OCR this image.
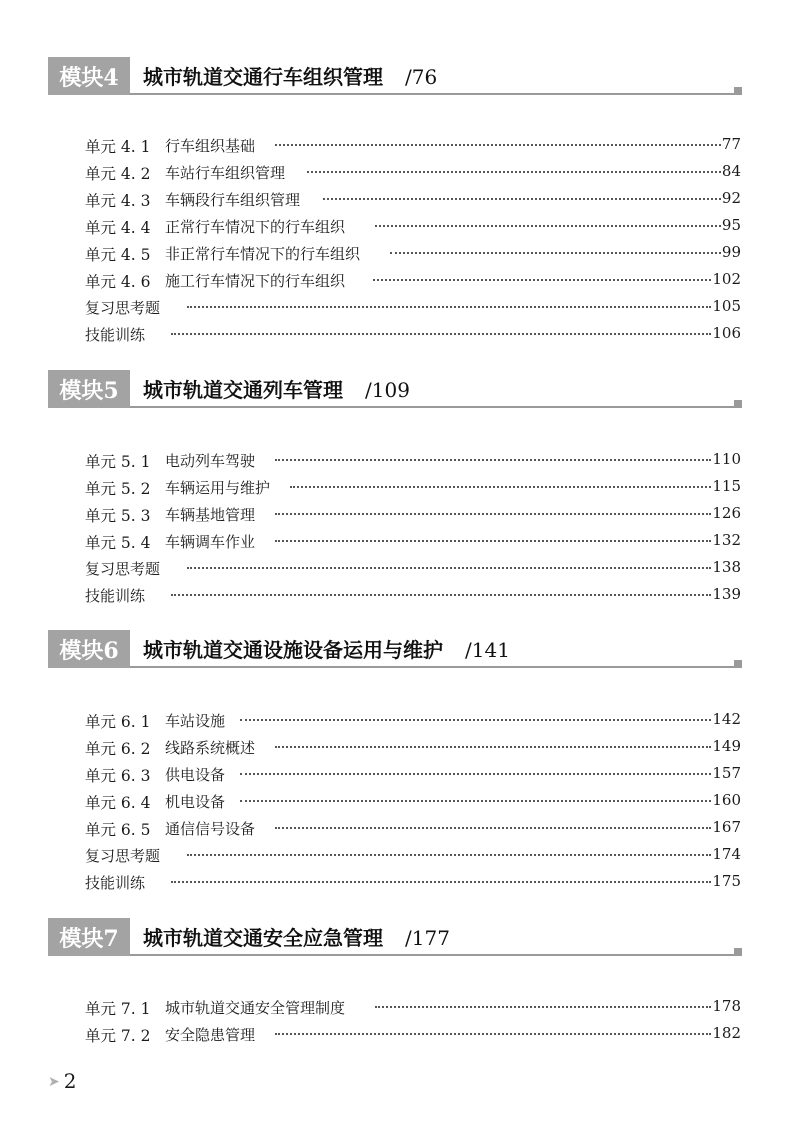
模块4	城市轨道交通行车组织管理 /76
单元 4. 1 行车组织基础	77
单元 4. 2 车站行车组织管理	84
单元 4. 3 车辆段行车组织管理	92
单元 4. 4 正常行车情况下的行车组织	95
单元 4. 5 非正常行车情况下的行车组织	99
单元 4. 6 施工行车情况下的行车组织	102
复习思考题	105
技能训练	106
模块5	城市轨道交通列车管理 /109
单元 5. 1 电动列车驾驶	110
单元 5. 2 车辆运用与维护	115
单元 5. 3 车辆基地管理	126
单元 5. 4 车辆调车作业	132
复习思考题	138
技能训练	139
模块6	城市轨道交通设施设备运用与维护 /141
单元 6. 1 车站设施	142
单元 6. 2 线路系统概述	149
单元 6. 3 供电设备	157
单元 6. 4 机电设备	160
单元 6. 5 通信信号设备	167
复习思考题	174
技能训练	175
模块7	城市轨道交通安全应急管理 /177
单元 7. 1 城市轨道交通安全管理制度	178
单元 7. 2 安全隐患管理	182
➤ 2
